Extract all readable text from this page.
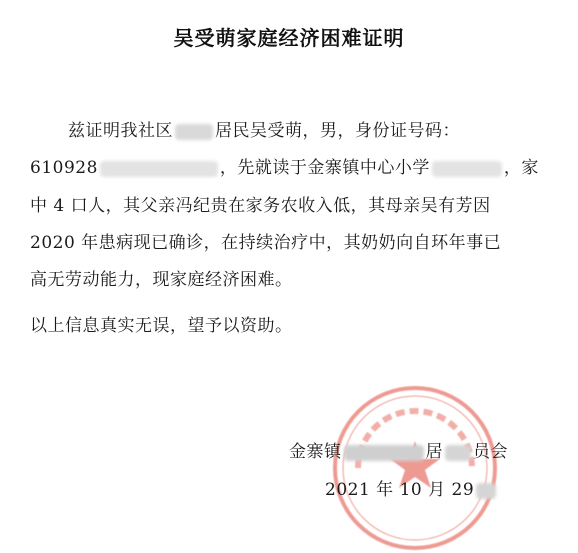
吴受萌家庭经济困难证明
兹证明我社区 居民吴受萌，男，身份证号码：
610928	，先就读于金寨镇中心小学	，家
中 4 口人，其父亲冯纪贵在家务农收入低，其母亲吴有芳因
2020 年患病现已确诊，在持续治疗中，其奶奶向自环年事已
高无劳动能力，现家庭经济困难。
以上信息真实无误，望予以资助。
金寨镇	居 员会
2021 年 10 月 29
